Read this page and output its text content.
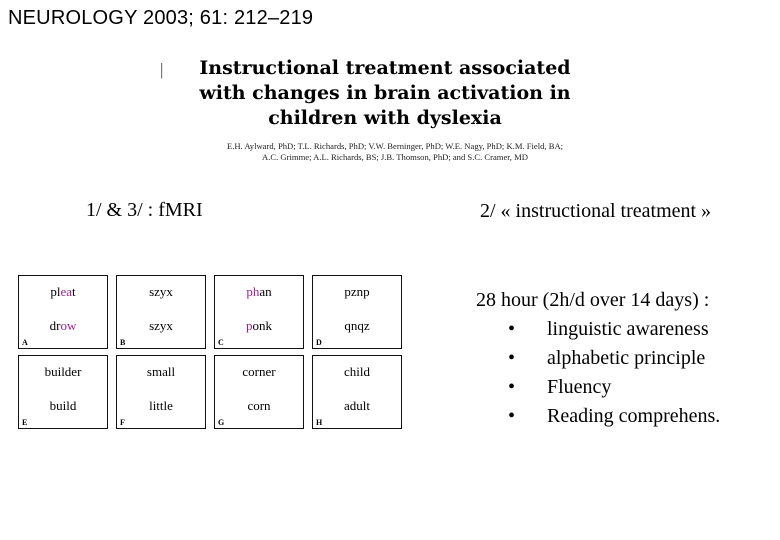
NEUROLOGY 2003; 61: 212–219
|	Instructional treatment associated
with changes in brain activation in
children with dyslexia
E.H. Aylward, PhD; T.L. Richards, PhD; V.W. Berninger, PhD; W.E. Nagy, PhD; K.M. Field, BA;
A.C. Grimme; A.L. Richards, BS; J.B. Thomson, PhD; and S.C. Cramer, MD
1/ & 3/ : fMRI	2/ « instructional treatment »
pleat
drow
A
szyx
szyx
B
phan
ponk
C
pznp
qnqz
D
builder
build
E
small
little
F
corner
corn
G
child
adult
H
28 hour (2h/d over 14 days) :
• linguistic awareness
• alphabetic principle
• Fluency
• Reading comprehens.
